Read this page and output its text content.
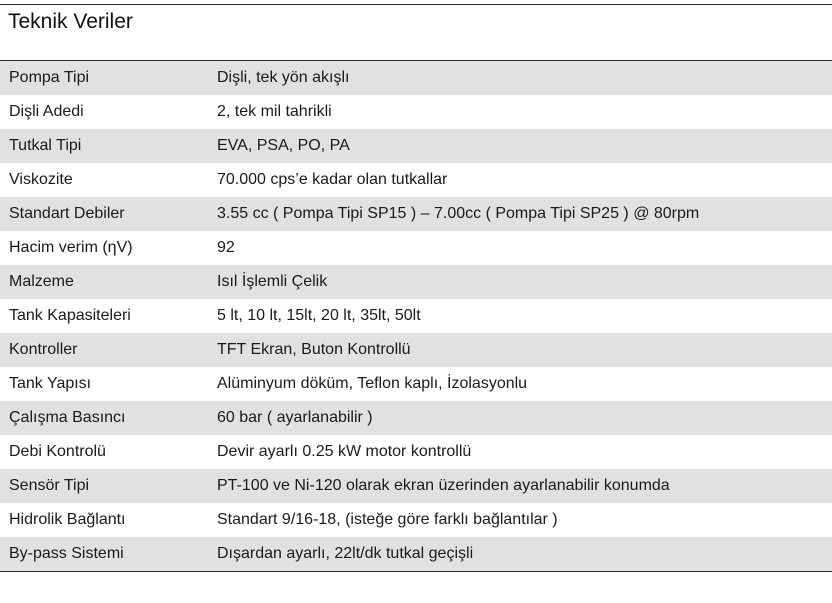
Teknik Veriler
Pompa Tipi	Dişli, tek yön akışlı
Dişli Adedi	2, tek mil tahrikli
Tutkal Tipi	EVA, PSA, PO, PA
Viskozite	70.000 cps’e kadar olan tutkallar
Standart Debiler	3.55 cc ( Pompa Tipi SP15 ) – 7.00cc ( Pompa Tipi SP25 ) @ 80rpm
Hacim verim (ηV)	92
Malzeme	Isıl İşlemli Çelik
Tank Kapasiteleri	5 lt, 10 lt, 15lt, 20 lt, 35lt, 50lt
Kontroller	TFT Ekran, Buton Kontrollü
Tank Yapısı	Alüminyum döküm, Teflon kaplı, İzolasyonlu
Çalışma Basıncı	60 bar ( ayarlanabilir )
Debi Kontrolü	Devir ayarlı 0.25 kW motor kontrollü
Sensör Tipi	PT-100 ve Ni-120 olarak ekran üzerinden ayarlanabilir konumda
Hidrolik Bağlantı	Standart 9/16-18, (isteğe göre farklı bağlantılar )
By-pass Sistemi	Dışardan ayarlı, 22lt/dk tutkal geçişli
